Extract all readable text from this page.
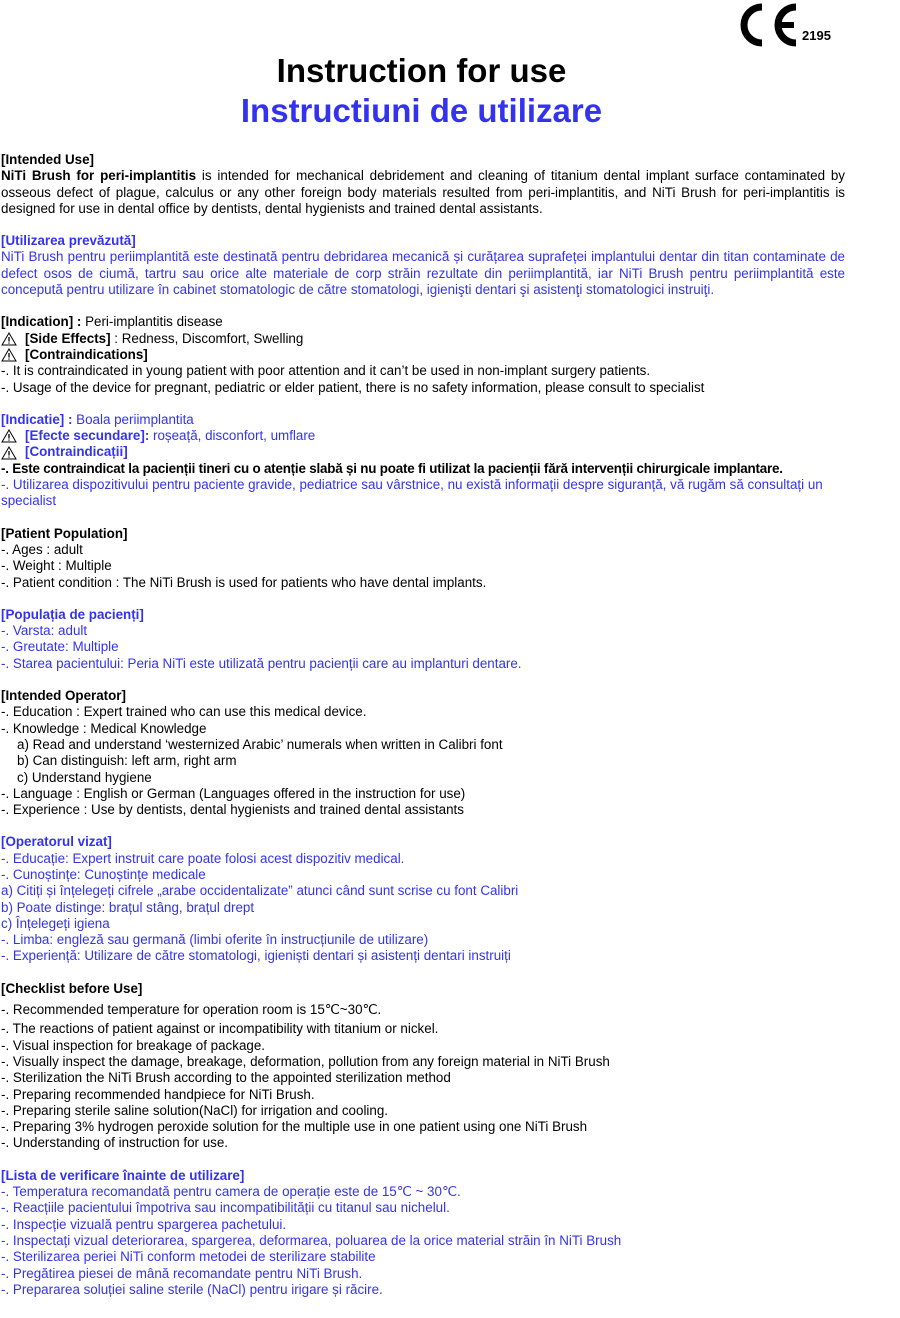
2195
Instruction for use
Instructiuni de utilizare
[Intended Use]
NiTi Brush for peri-implantitis is intended for mechanical debridement and cleaning of titanium dental implant surface contaminated by osseous defect of plague, calculus or any other foreign body materials resulted from peri-implantitis, and NiTi Brush for peri-implantitis is designed for use in dental office by dentists, dental hygienists and trained dental assistants.
[Utilizarea prevăzută]
NiTi Brush pentru periimplantită este destinată pentru debridarea mecanică și curățarea suprafeței implantului dentar din titan contaminate de defect osos de ciumă, tartru sau orice alte materiale de corp străin rezultate din periimplantită, iar NiTi Brush pentru periimplantită este concepută pentru utilizare în cabinet stomatologic de către stomatologi, igienişti dentari şi asistenţi stomatologici instruiţi.
[Indication] : Peri-implantitis disease
[Side Effects] : Redness, Discomfort, Swelling
[Contraindications]
-. It is contraindicated in young patient with poor attention and it can’t be used in non-implant surgery patients.
-. Usage of the device for pregnant, pediatric or elder patient, there is no safety information, please consult to specialist
[Indicatie] : Boala periimplantita
[Efecte secundare]: roșeață, disconfort, umflare
[Contraindicații]
-. Este contraindicat la pacienții tineri cu o atenție slabă și nu poate fi utilizat la pacienții fără intervenții chirurgicale implantare.
-. Utilizarea dispozitivului pentru paciente gravide, pediatrice sau vârstnice, nu există informații despre siguranță, vă rugăm să consultați un specialist
[Patient Population]
-. Ages : adult
-. Weight : Multiple
-. Patient condition : The NiTi Brush is used for patients who have dental implants.
[Populația de pacienți]
-. Varsta: adult
-. Greutate: Multiple
-. Starea pacientului: Peria NiTi este utilizată pentru pacienții care au implanturi dentare.
[Intended Operator]
-. Education : Expert trained who can use this medical device.
-. Knowledge : Medical Knowledge
a) Read and understand ‘westernized Arabic’ numerals when written in Calibri font
b) Can distinguish: left arm, right arm
c) Understand hygiene
-. Language : English or German (Languages offered in the instruction for use)
-. Experience : Use by dentists, dental hygienists and trained dental assistants
[Operatorul vizat]
-. Educație: Expert instruit care poate folosi acest dispozitiv medical.
-. Cunoștințe: Cunoștințe medicale
a) Citiți și înțelegeți cifrele „arabe occidentalizate” atunci când sunt scrise cu font Calibri
b) Poate distinge: brațul stâng, brațul drept
c) Înțelegeți igiena
-. Limba: engleză sau germană (limbi oferite în instrucțiunile de utilizare)
-. Experiență: Utilizare de către stomatologi, igieniști dentari și asistenți dentari instruiți
[Checklist before Use]
-. Recommended temperature for operation room is 15℃~30℃.
-. The reactions of patient against or incompatibility with titanium or nickel.
-. Visual inspection for breakage of package.
-. Visually inspect the damage, breakage, deformation, pollution from any foreign material in NiTi Brush
-. Sterilization the NiTi Brush according to the appointed sterilization method
-. Preparing recommended handpiece for NiTi Brush.
-. Preparing sterile saline solution(NaCl) for irrigation and cooling.
-. Preparing 3% hydrogen peroxide solution for the multiple use in one patient using one NiTi Brush
-. Understanding of instruction for use.
[Lista de verificare înainte de utilizare]
-. Temperatura recomandată pentru camera de operație este de 15℃ ~ 30℃.
-. Reacțiile pacientului împotriva sau incompatibilității cu titanul sau nichelul.
-. Inspecție vizuală pentru spargerea pachetului.
-. Inspectați vizual deteriorarea, spargerea, deformarea, poluarea de la orice material străin în NiTi Brush
-. Sterilizarea periei NiTi conform metodei de sterilizare stabilite
-. Pregătirea piesei de mână recomandate pentru NiTi Brush.
-. Prepararea soluției saline sterile (NaCl) pentru irigare și răcire.
